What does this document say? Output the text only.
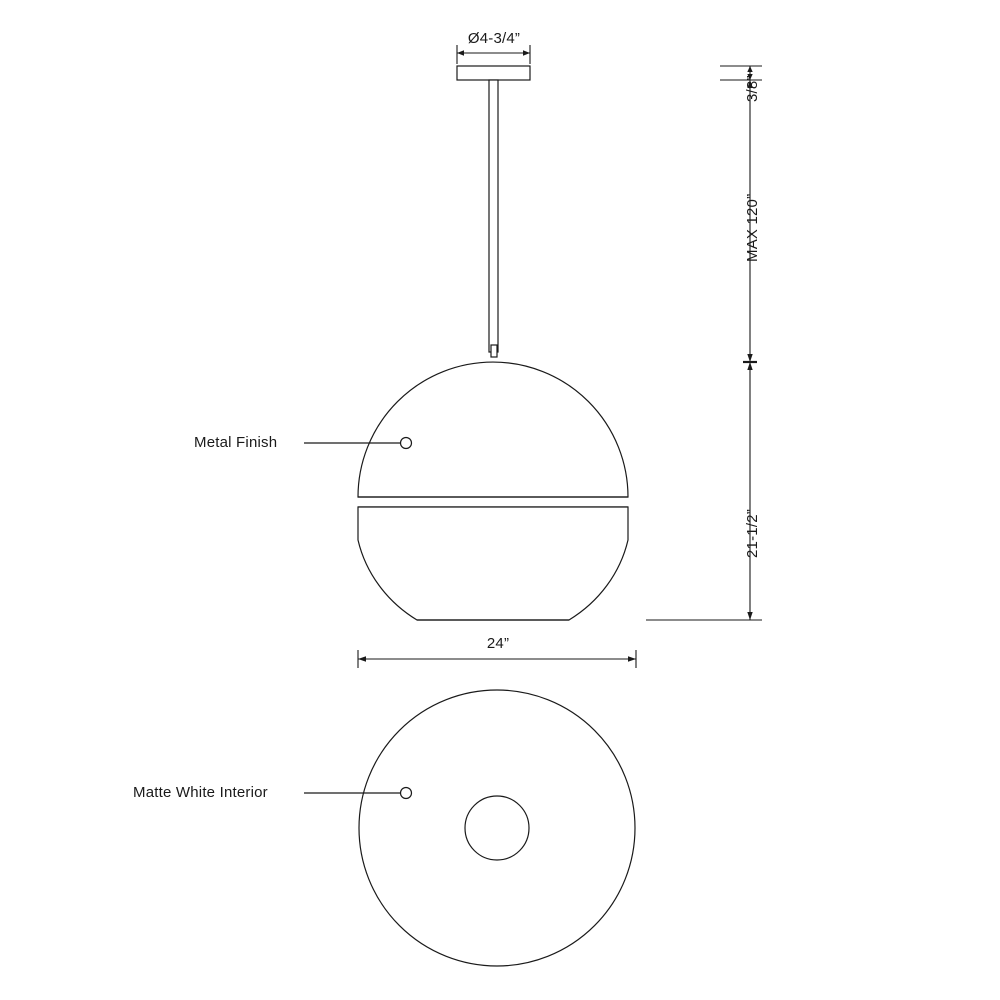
Ø4-3/4”
3/8”
MAX 120”
21-1/2”
24”
Metal Finish
Matte White Interior
